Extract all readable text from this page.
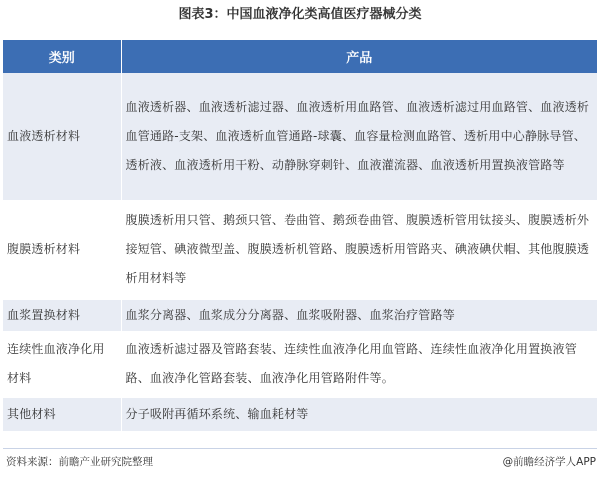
图表3：中国血液净化类高值医疗器械分类
类别	产品
血液透析材料	血液透析器、血液透析滤过器、血液透析用血路管、血液透析滤过用血路管、血液透析血管通路-支架、血液透析血管通路-球囊、血容量检测血路管、透析用中心静脉导管、透析液、血液透析用干粉、动静脉穿刺针、血液灌流器、血液透析用置换液管路等
腹膜透析材料	腹膜透析用只管、鹅颈只管、卷曲管、鹅颈卷曲管、腹膜透析管用钛接头、腹膜透析外接短管、碘液微型盖、腹膜透析机管路、腹膜透析用管路夹、碘液碘伏帽、其他腹膜透析用材料等
血浆置换材料	血浆分离器、血浆成分分离器、血浆吸附器、血浆治疗管路等
连续性血液净化用材料	血液透析滤过器及管路套装、连续性血液净化用血管路、连续性血液净化用置换液管路、血液净化管路套装、血液净化用管路附件等。
其他材料	分子吸附再循环系统、输血耗材等
资料来源：前瞻产业研究院整理	@前瞻经济学人APP
